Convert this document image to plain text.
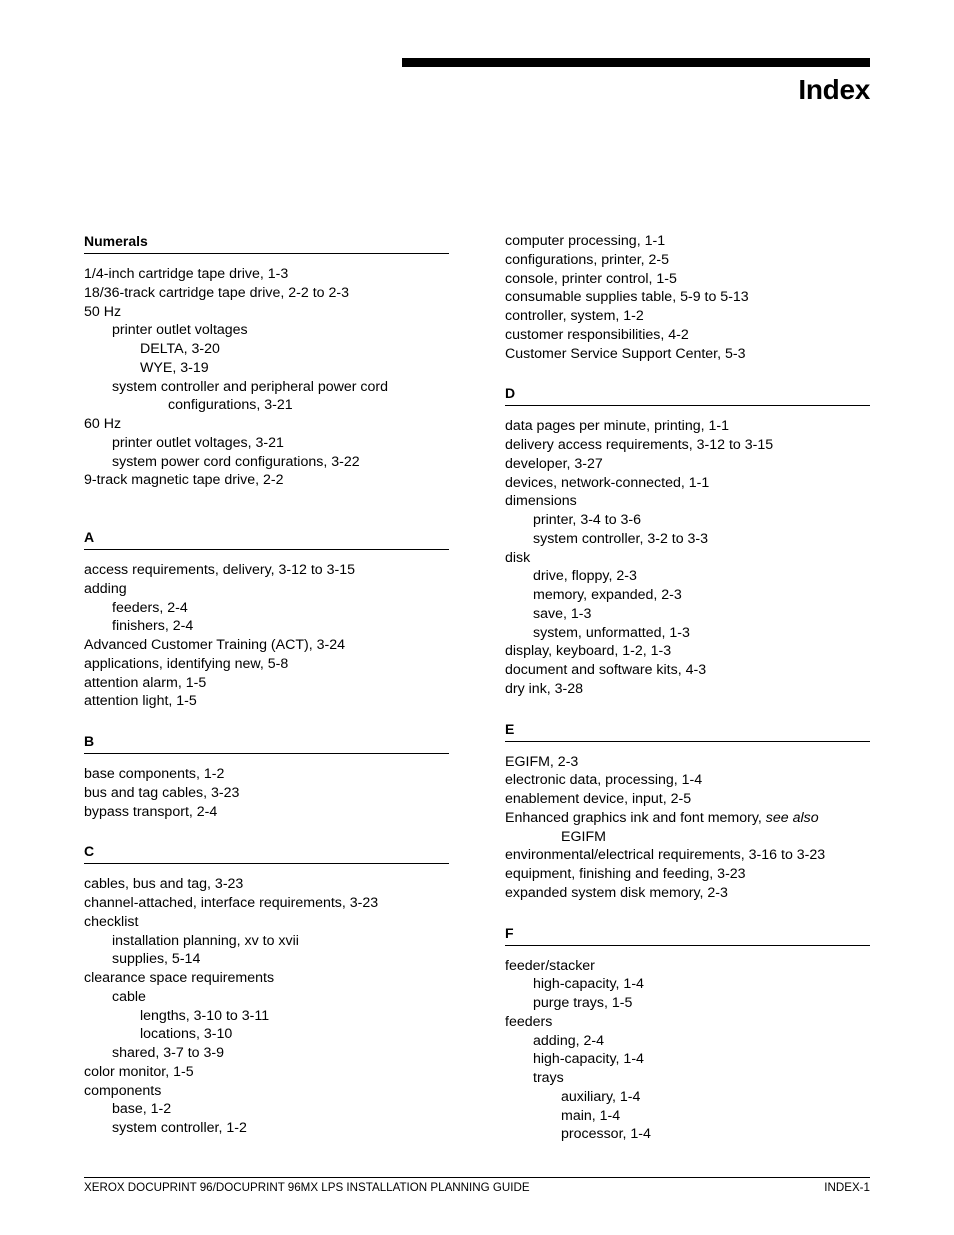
Index
Numerals
1/4-inch cartridge tape drive, 1-3
18/36-track cartridge tape drive, 2-2 to 2-3
50 Hz
printer outlet voltages
DELTA, 3-20
WYE, 3-19
system controller and peripheral power cord
configurations, 3-21
60 Hz
printer outlet voltages, 3-21
system power cord configurations, 3-22
9-track magnetic tape drive, 2-2
A
access requirements, delivery, 3-12 to 3-15
adding
feeders, 2-4
finishers, 2-4
Advanced Customer Training (ACT), 3-24
applications, identifying new, 5-8
attention alarm, 1-5
attention light, 1-5
B
base components, 1-2
bus and tag cables, 3-23
bypass transport, 2-4
C
cables, bus and tag, 3-23
channel-attached, interface requirements, 3-23
checklist
installation planning, xv to xvii
supplies, 5-14
clearance space requirements
cable
lengths, 3-10 to 3-11
locations, 3-10
shared, 3-7 to 3-9
color monitor, 1-5
components
base, 1-2
system controller, 1-2
computer processing, 1-1
configurations, printer, 2-5
console, printer control, 1-5
consumable supplies table, 5-9 to 5-13
controller, system, 1-2
customer responsibilities, 4-2
Customer Service Support Center, 5-3
D
data pages per minute, printing, 1-1
delivery access requirements, 3-12 to 3-15
developer, 3-27
devices, network-connected, 1-1
dimensions
printer, 3-4 to 3-6
system controller, 3-2 to 3-3
disk
drive, floppy, 2-3
memory, expanded, 2-3
save, 1-3
system, unformatted, 1-3
display, keyboard, 1-2, 1-3
document and software kits, 4-3
dry ink, 3-28
E
EGIFM, 2-3
electronic data, processing, 1-4
enablement device, input, 2-5
Enhanced graphics ink and font memory, see also
EGIFM
environmental/electrical requirements, 3-16 to 3-23
equipment, finishing and feeding, 3-23
expanded system disk memory, 2-3
F
feeder/stacker
high-capacity, 1-4
purge trays, 1-5
feeders
adding, 2-4
high-capacity, 1-4
trays
auxiliary, 1-4
main, 1-4
processor, 1-4
XEROX DOCUPRINT 96/DOCUPRINT 96MX LPS INSTALLATION PLANNING GUIDE	INDEX-1
